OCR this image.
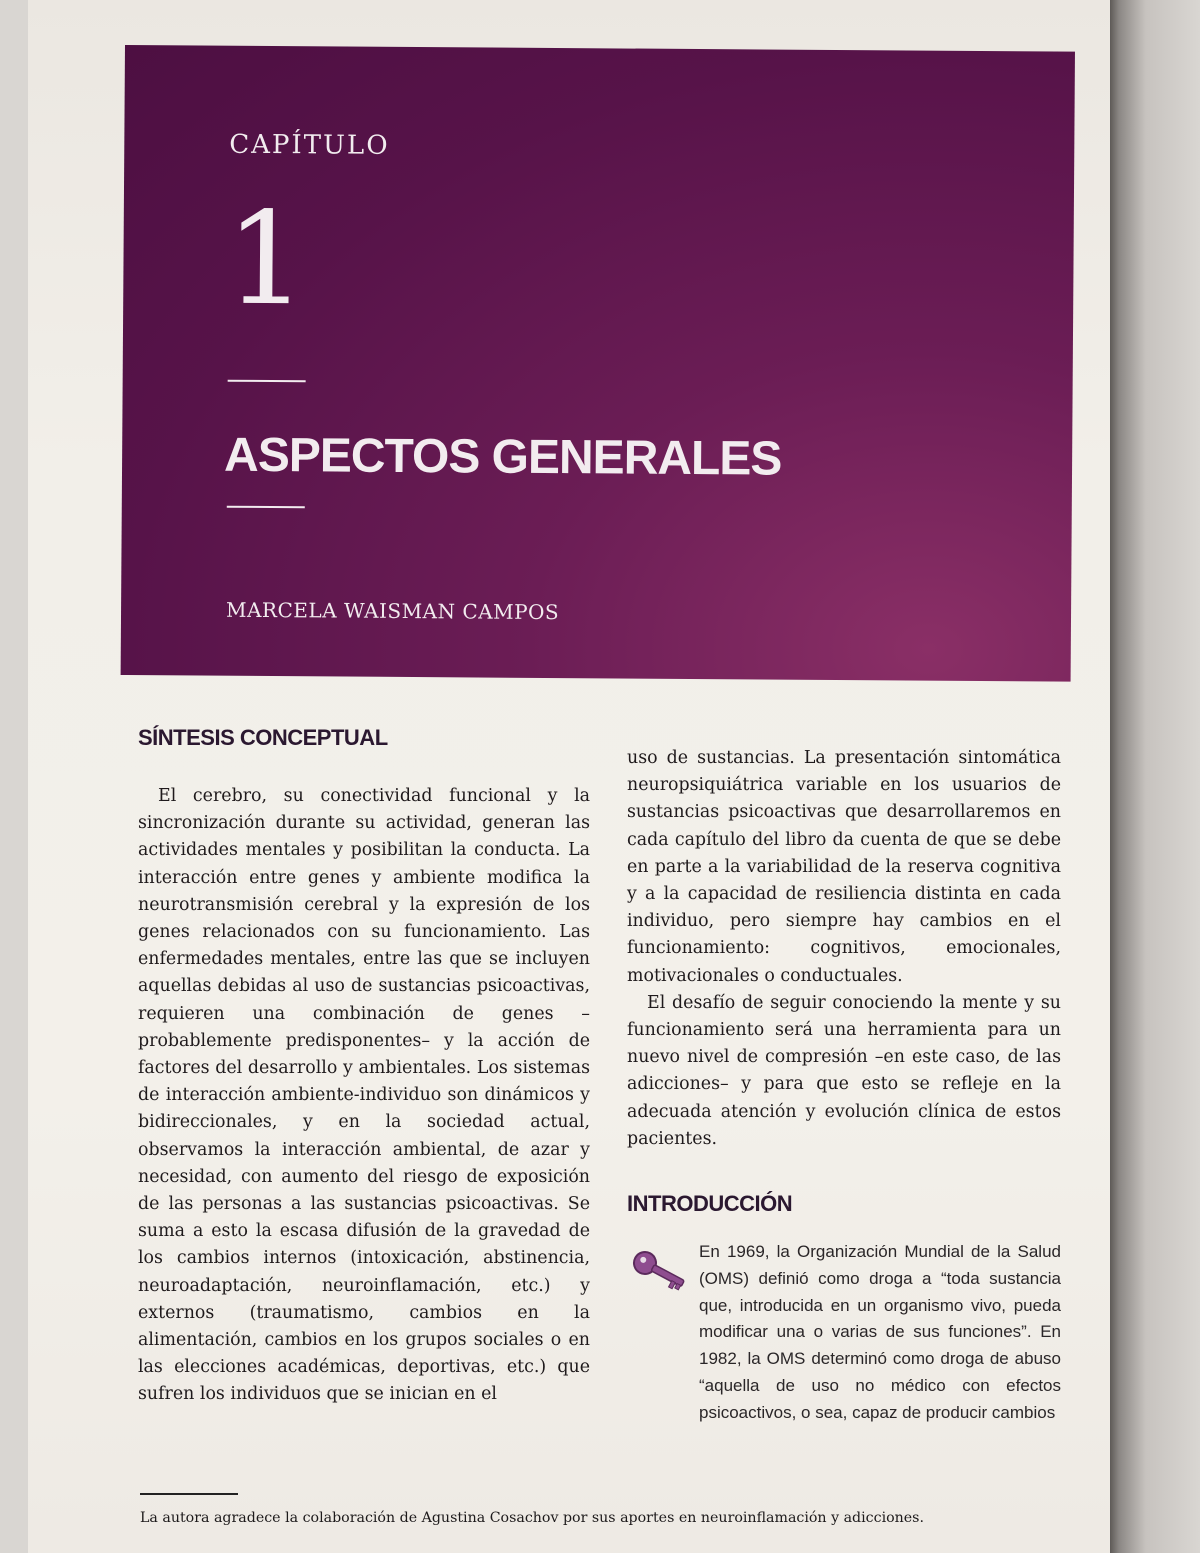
CAPÍTULO
1
ASPECTOS GENERALES
MARCELA WAISMAN CAMPOS
SÍNTESIS CONCEPTUAL

El cerebro, su conectividad funcional y la sincronización durante su actividad, generan las actividades mentales y posibilitan la conducta. La interacción entre genes y ambiente modifica la neurotransmisión cerebral y la expresión de los genes relacionados con su funcionamiento. Las enfermedades mentales, entre las que se incluyen aquellas debidas al uso de sustancias psicoactivas, requieren una combinación de genes –probablemente predisponentes– y la acción de factores del desarrollo y ambientales. Los sistemas de interacción ambiente-individuo son dinámicos y bidireccionales, y en la sociedad actual, observamos la interacción ambiental, de azar y necesidad, con aumento del riesgo de exposición de las personas a las sustancias psicoactivas. Se suma a esto la escasa difusión de la gravedad de los cambios internos (intoxicación, abstinencia, neuroadaptación, neuroinflamación, etc.) y externos (traumatismo, cambios en la alimentación, cambios en los grupos sociales o en las elecciones académicas, deportivas, etc.) que sufren los individuos que se inician en el

uso de sustancias. La presentación sintomática neuropsiquiátrica variable en los usuarios de sustancias psicoactivas que desarrollaremos en cada capítulo del libro da cuenta de que se debe en parte a la variabilidad de la reserva cognitiva y a la capacidad de resiliencia distinta en cada individuo, pero siempre hay cambios en el funcionamiento: cognitivos, emocionales, motivacionales o conductuales.

El desafío de seguir conociendo la mente y su funcionamiento será una herramienta para un nuevo nivel de compresión –en este caso, de las adicciones– y para que esto se refleje en la adecuada atención y evolución clínica de estos pacientes.

INTRODUCCIÓN

En 1969, la Organización Mundial de la Salud (OMS) definió como droga a “toda sustancia que, introducida en un organismo vivo, pueda modificar una o varias de sus funciones”. En 1982, la OMS determinó como droga de abuso “aquella de uso no médico con efectos psicoactivos, o sea, capaz de producir cambios

La autora agradece la colaboración de Agustina Cosachov por sus aportes en neuroinflamación y adicciones.
